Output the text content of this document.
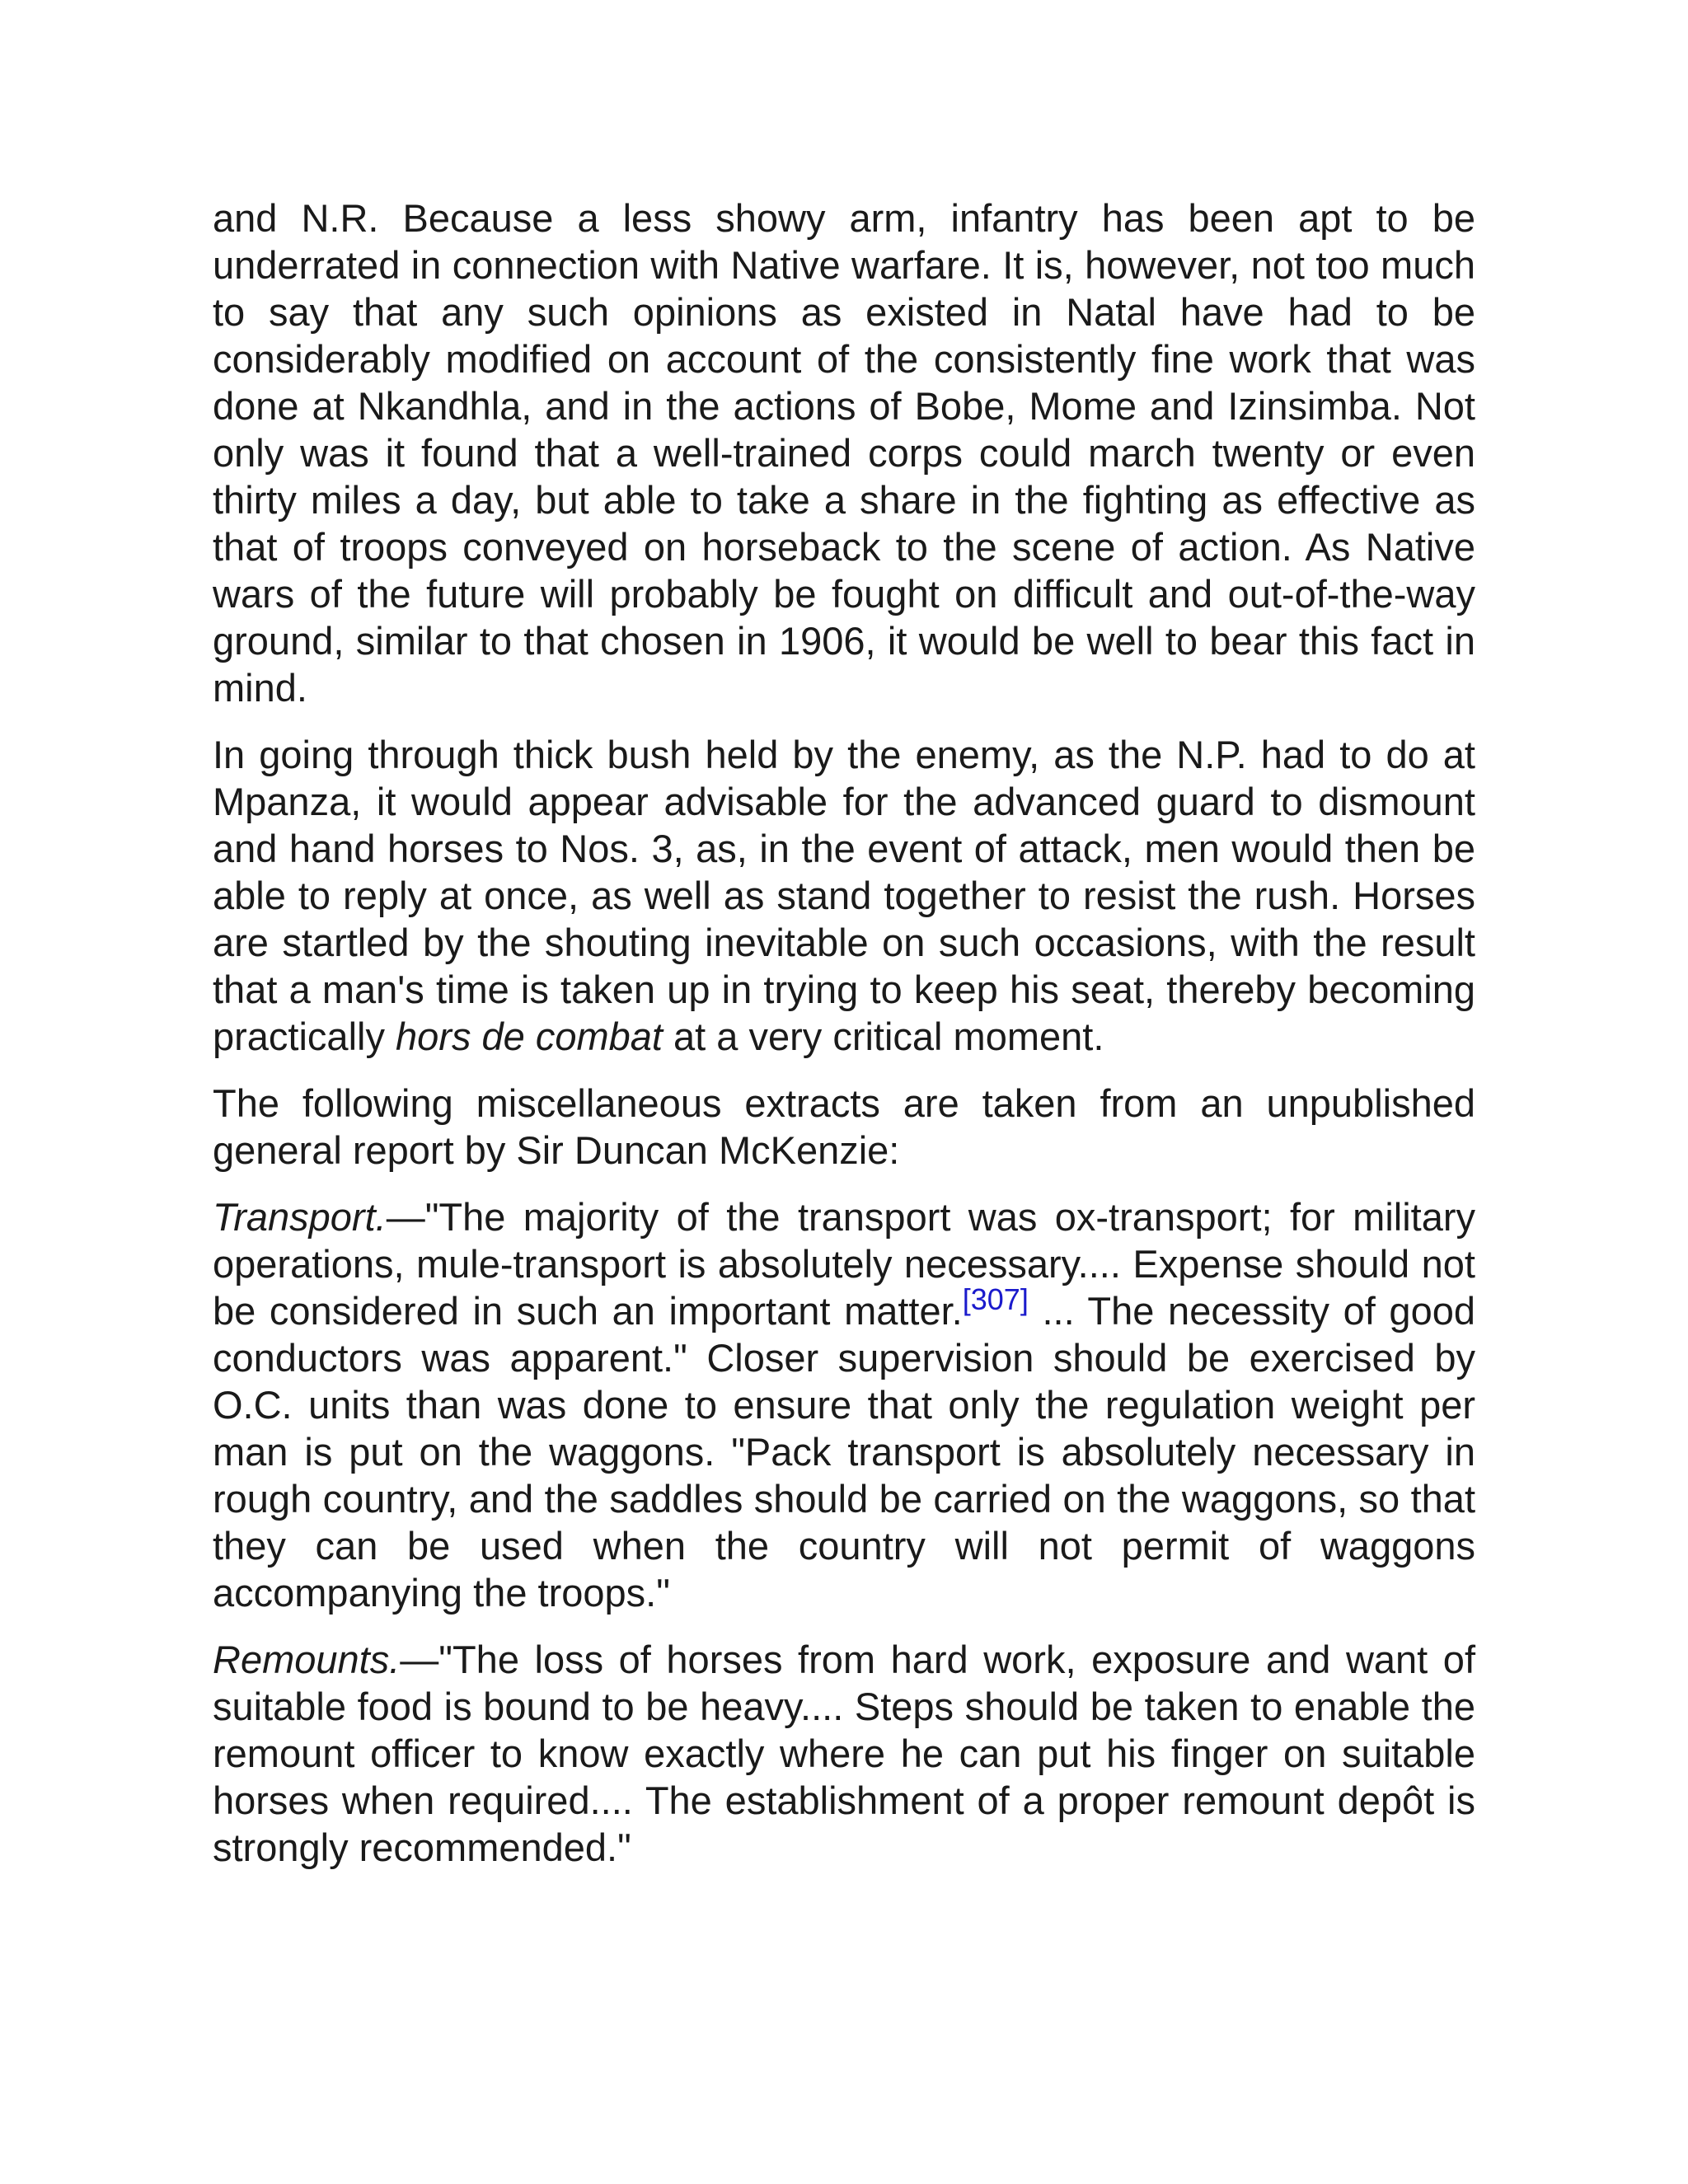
and N.R. Because a less showy arm, infantry has been apt to be underrated in connection with Native warfare. It is, however, not too much to say that any such opinions as existed in Natal have had to be considerably modified on account of the consistently fine work that was done at Nkandhla, and in the actions of Bobe, Mome and Izinsimba. Not only was it found that a well-trained corps could march twenty or even thirty miles a day, but able to take a share in the fighting as effective as that of troops conveyed on horseback to the scene of action. As Native wars of the future will probably be fought on difficult and out-of-the-way ground, similar to that chosen in 1906, it would be well to bear this fact in mind.

In going through thick bush held by the enemy, as the N.P. had to do at Mpanza, it would appear advisable for the advanced guard to dismount and hand horses to Nos. 3, as, in the event of attack, men would then be able to reply at once, as well as stand together to resist the rush. Horses are startled by the shouting inevitable on such occasions, with the result that a man's time is taken up in trying to keep his seat, thereby becoming practically hors de combat at a very critical moment.

The following miscellaneous extracts are taken from an unpublished general report by Sir Duncan McKenzie:

Transport.—"The majority of the transport was ox-transport; for military operations, mule-transport is absolutely necessary.... Expense should not be considered in such an important matter.[307] ... The necessity of good conductors was apparent." Closer supervision should be exercised by O.C. units than was done to ensure that only the regulation weight per man is put on the waggons. "Pack transport is absolutely necessary in rough country, and the saddles should be carried on the waggons, so that they can be used when the country will not permit of waggons accompanying the troops."

Remounts.—"The loss of horses from hard work, exposure and want of suitable food is bound to be heavy.... Steps should be taken to enable the remount officer to know exactly where he can put his finger on suitable horses when required.... The establishment of a proper remount depôt is strongly recommended."
